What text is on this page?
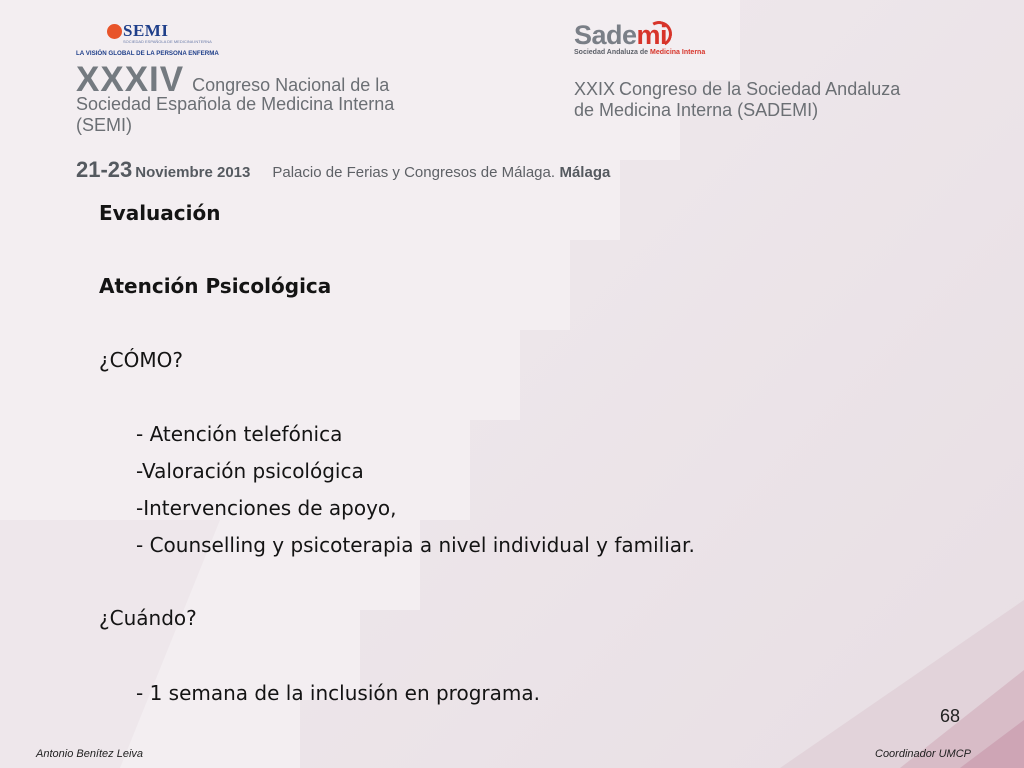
SEMI
SOCIEDAD ESPAÑOLA DE MEDICINA INTERNA
LA VISIÓN GLOBAL DE LA PERSONA ENFERMA
Sademi
Sociedad Andaluza de Medicina Interna
XXXIV Congreso Nacional de la
Sociedad Española de Medicina Interna
(SEMI)
XXIX Congreso de la Sociedad Andaluza
de Medicina Interna (SADEMI)
21-23 Noviembre 2013 Palacio de Ferias y Congresos de Málaga. Málaga
Evaluación
Atención Psicológica
¿CÓMO?
- Atención telefónica
-Valoración psicológica
-Intervenciones de apoyo,
- Counselling y psicoterapia a nivel individual y familiar.
¿Cuándo?
- 1 semana de la inclusión en programa.
68
Antonio Benítez Leiva	Coordinador UMCP
